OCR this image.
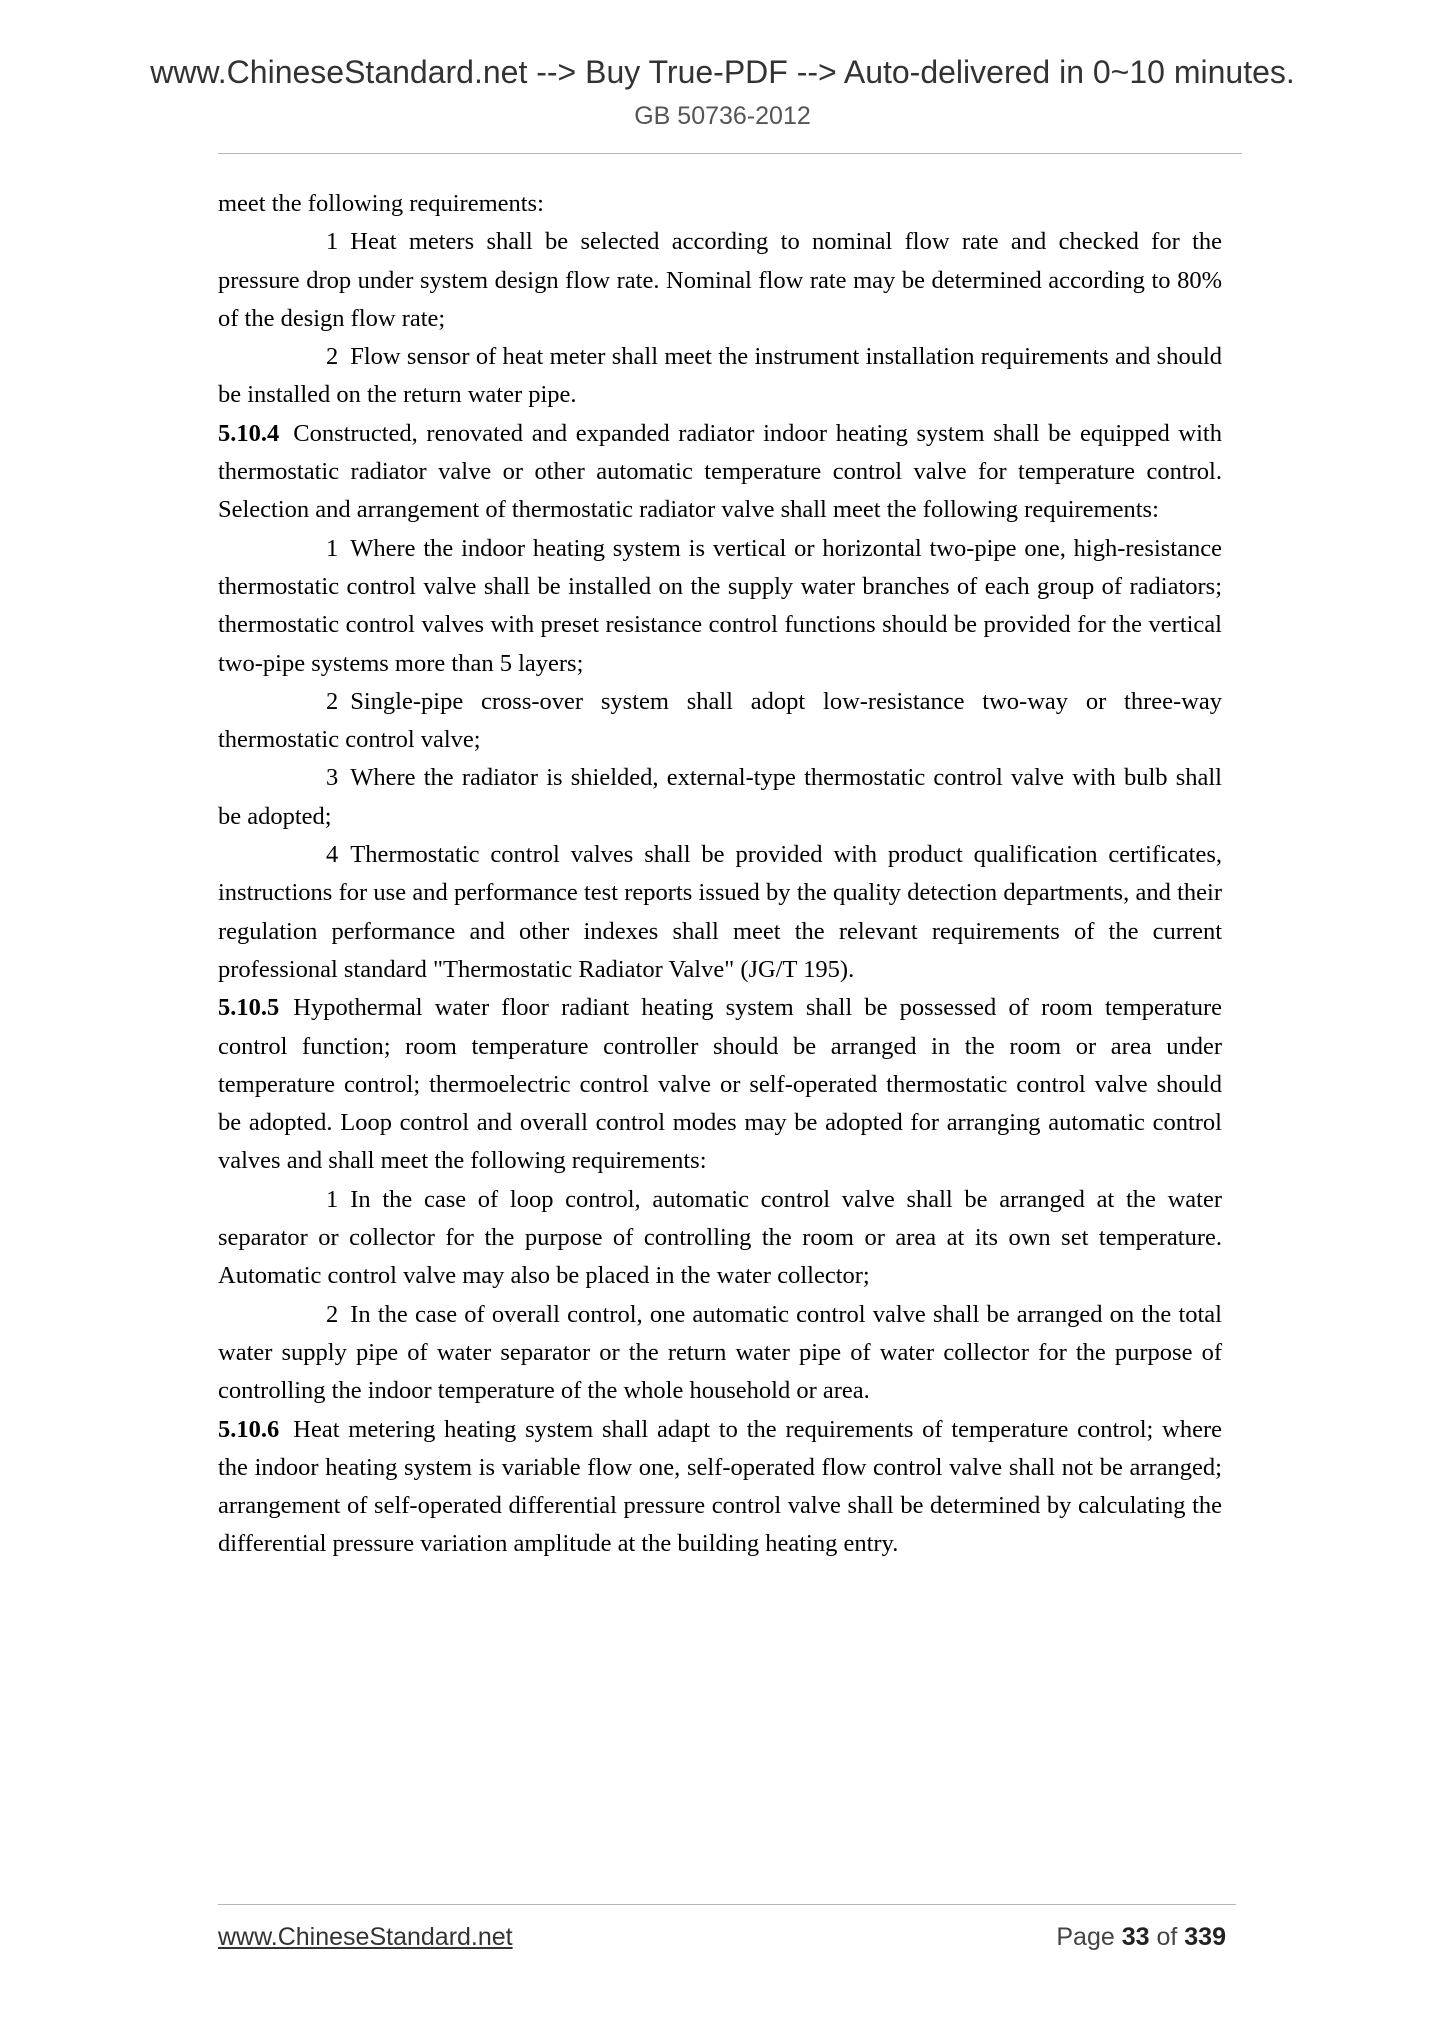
www.ChineseStandard.net --> Buy True-PDF --> Auto-delivered in 0~10 minutes.
GB 50736-2012

meet the following requirements:

1 Heat meters shall be selected according to nominal flow rate and checked for the pressure drop under system design flow rate. Nominal flow rate may be determined according to 80% of the design flow rate;

2 Flow sensor of heat meter shall meet the instrument installation requirements and should be installed on the return water pipe.

5.10.4 Constructed, renovated and expanded radiator indoor heating system shall be equipped with thermostatic radiator valve or other automatic temperature control valve for temperature control. Selection and arrangement of thermostatic radiator valve shall meet the following requirements:

1 Where the indoor heating system is vertical or horizontal two-pipe one, high-resistance thermostatic control valve shall be installed on the supply water branches of each group of radiators; thermostatic control valves with preset resistance control functions should be provided for the vertical two-pipe systems more than 5 layers;

2 Single-pipe cross-over system shall adopt low-resistance two-way or three-way thermostatic control valve;

3 Where the radiator is shielded, external-type thermostatic control valve with bulb shall be adopted;

4 Thermostatic control valves shall be provided with product qualification certificates, instructions for use and performance test reports issued by the quality detection departments, and their regulation performance and other indexes shall meet the relevant requirements of the current professional standard "Thermostatic Radiator Valve" (JG/T 195).

5.10.5 Hypothermal water floor radiant heating system shall be possessed of room temperature control function; room temperature controller should be arranged in the room or area under temperature control; thermoelectric control valve or self-operated thermostatic control valve should be adopted. Loop control and overall control modes may be adopted for arranging automatic control valves and shall meet the following requirements:

1 In the case of loop control, automatic control valve shall be arranged at the water separator or collector for the purpose of controlling the room or area at its own set temperature. Automatic control valve may also be placed in the water collector;

2 In the case of overall control, one automatic control valve shall be arranged on the total water supply pipe of water separator or the return water pipe of water collector for the purpose of controlling the indoor temperature of the whole household or area.

5.10.6 Heat metering heating system shall adapt to the requirements of temperature control; where the indoor heating system is variable flow one, self-operated flow control valve shall not be arranged; arrangement of self-operated differential pressure control valve shall be determined by calculating the differential pressure variation amplitude at the building heating entry.

www.ChineseStandard.net	Page 33 of 339
